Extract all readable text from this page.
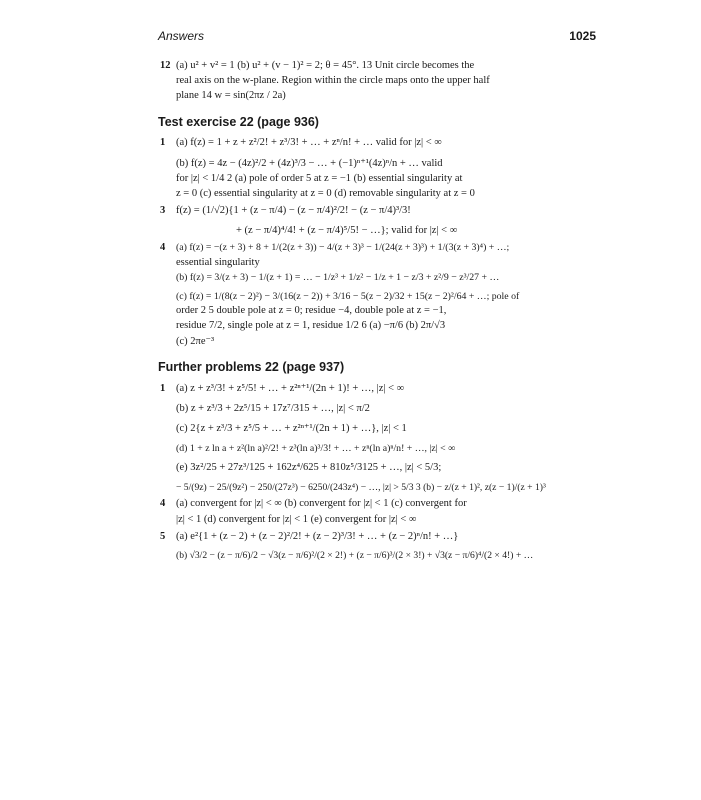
Answers	1025
12 (a) u² + v² = 1 (b) u² + (v − 1)² = 2; θ = 45°. 13 Unit circle becomes the
real axis on the w-plane. Region within the circle maps onto the upper half
plane 14 w = sin(2πz / 2a)
Test exercise 22 (page 936)
1 (a) f(z) = 1 + z + z²/2! + z³/3! + … + zⁿ/n! + … valid for |z| < ∞
(b) f(z) = 4z − (4z)²/2 + (4z)³/3 − … + (−1)ⁿ⁺¹(4z)ⁿ/n + … valid
for |z| < 1/4 2 (a) pole of order 5 at z = −1 (b) essential singularity at
z = 0 (c) essential singularity at z = 0 (d) removable singularity at z = 0
3 f(z) = (1/√2){1 + (z − π/4) − (z − π/4)²/2! − (z − π/4)³/3!
+ (z − π/4)⁴/4! + (z − π/4)⁵/5! − …}; valid for |z| < ∞
4 (a) f(z) = −(z + 3) + 8 + 1/(2(z + 3)) − 4/(z + 3)³ − 1/(24(z + 3)³) + 1/(3(z + 3)⁴) + …;
essential singularity
(b) f(z) = 3/(z + 3) − 1/(z + 1) = … − 1/z³ + 1/z² − 1/z + 1 − z/3 + z²/9 − z³/27 + …
(c) f(z) = 1/(8(z − 2)²) − 3/(16(z − 2)) + 3/16 − 5(z − 2)/32 + 15(z − 2)²/64 + …; pole of
order 2 5 double pole at z = 0; residue −4, double pole at z = −1,
residue 7/2, single pole at z = 1, residue 1/2 6 (a) −π/6 (b) 2π/√3
(c) 2πe⁻³
Further problems 22 (page 937)
1 (a) z + z³/3! + z⁵/5! + … + z²ⁿ⁺¹/(2n + 1)! + …, |z| < ∞
(b) z + z³/3 + 2z⁵/15 + 17z⁷/315 + …, |z| < π/2
(c) 2{z + z³/3 + z⁵/5 + … + z²ⁿ⁺¹/(2n + 1) + …}, |z| < 1
(d) 1 + z ln a + z²(ln a)²/2! + z³(ln a)³/3! + … + zⁿ(ln a)ⁿ/n! + …, |z| < ∞
(e) 3z²/25 + 27z³/125 + 162z⁴/625 + 810z⁵/3125 + …, |z| < 5/3;
− 5/(9z) − 25/(9z²) − 250/(27z³) − 6250/(243z⁴) − …, |z| > 5/3 3 (b) − z/(z + 1)², z(z − 1)/(z + 1)³
4 (a) convergent for |z| < ∞ (b) convergent for |z| < 1 (c) convergent for
|z| < 1 (d) convergent for |z| < 1 (e) convergent for |z| < ∞
5 (a) e²{1 + (z − 2) + (z − 2)²/2! + (z − 2)³/3! + … + (z − 2)ⁿ/n! + …}
(b) √3/2 − (z − π/6)/2 − √3(z − π/6)²/(2 × 2!) + (z − π/6)³/(2 × 3!) + √3(z − π/6)⁴/(2 × 4!) + …
